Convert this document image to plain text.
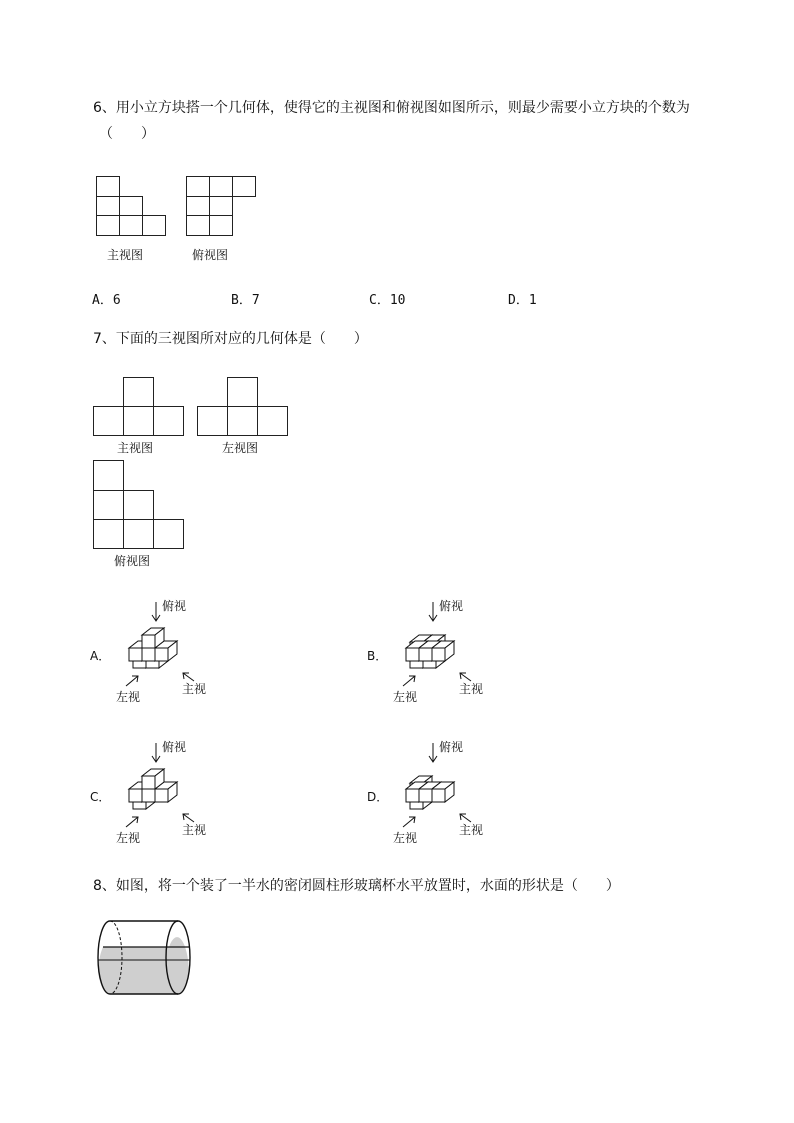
6、用小立方块搭一个几何体，使得它的主视图和俯视图如图所示，则最少需要小立方块的个数为
（　　）
主视图	俯视图
A．6	B．7	C．10	D．1
7、下面的三视图所对应的几何体是（　　）
主视图	左视图
俯视图
A．
俯视
左视
主视
B．
俯视
左视
主视
C．
俯视
左视
主视
D．
俯视
左视
主视
8、如图，将一个装了一半水的密闭圆柱形玻璃杯水平放置时，水面的形状是（　　）
